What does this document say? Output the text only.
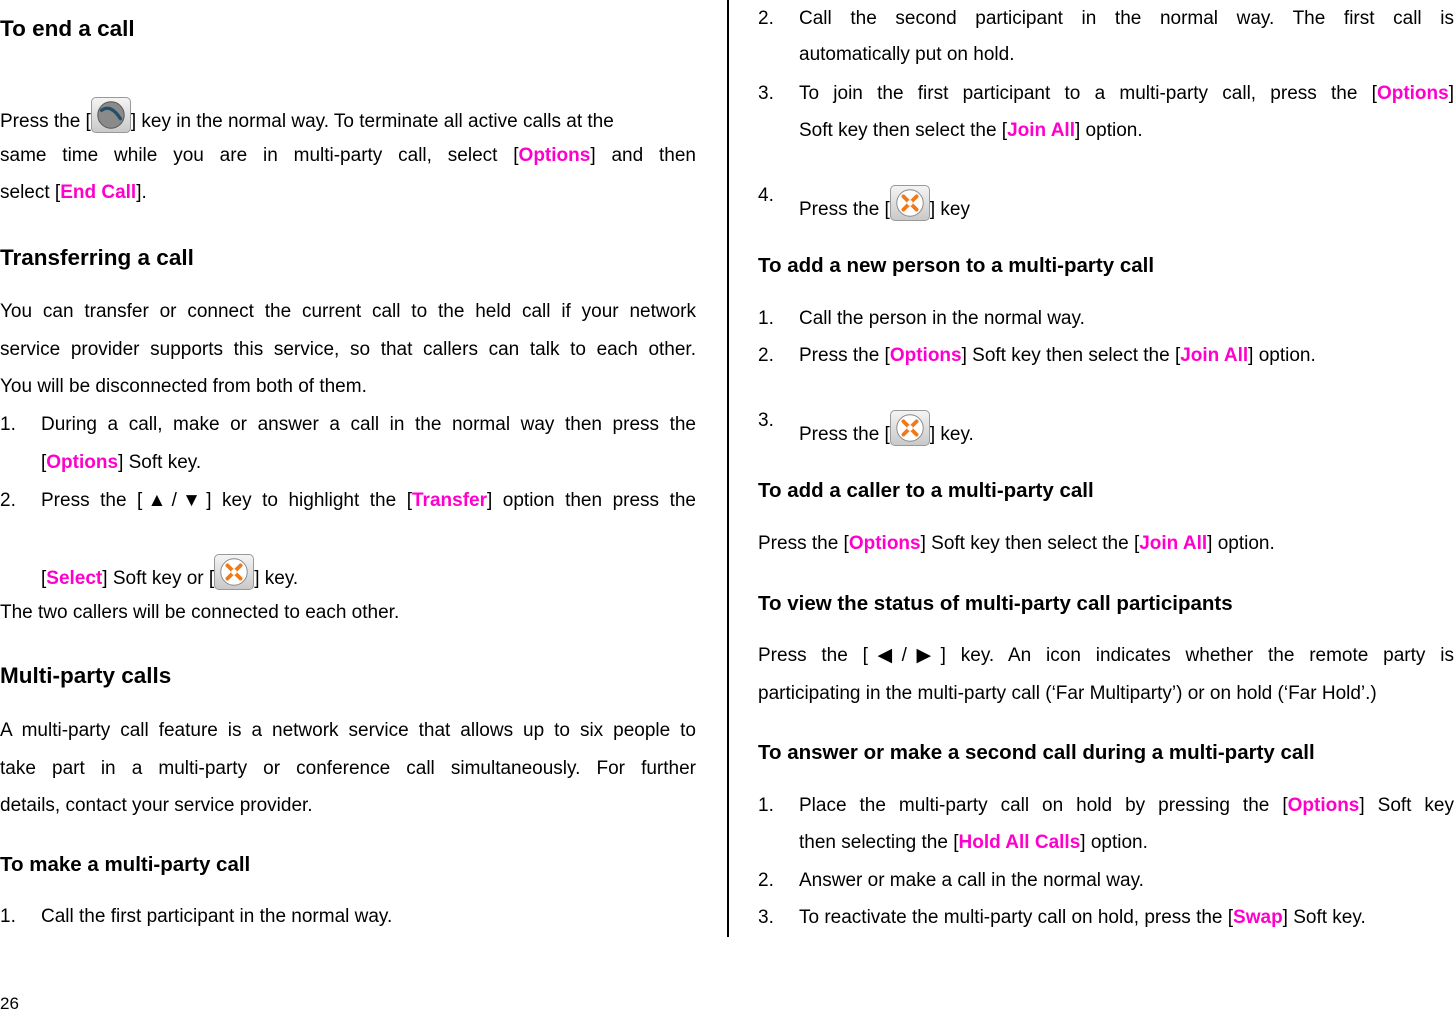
To end a call
Press the [ ] key in the normal way. To terminate all active calls at the
same time while you are in multi-party call, select [Options] and then
select [End Call].
Transferring a call
You can transfer or connect the current call to the held call if your network
service provider supports this service, so that callers can talk to each other.
You will be disconnected from both of them.
1. During a call, make or answer a call in the normal way then press the
[Options] Soft key.
2. Press the [▲/▼] key to highlight the [Transfer] option then press the
[Select] Soft key or [ ] key.
The two callers will be connected to each other.
Multi-party calls
A multi-party call feature is a network service that allows up to six people to
take part in a multi-party or conference call simultaneously. For further
details, contact your service provider.
To make a multi-party call
1. Call the first participant in the normal way.
26
2. Call the second participant in the normal way. The first call is
automatically put on hold.
3. To join the first participant to a multi-party call, press the [Options]
Soft key then select the [Join All] option.
4.
Press the [ ] key
To add a new person to a multi-party call
1. Call the person in the normal way.
2. Press the [Options] Soft key then select the [Join All] option.
3.
Press the [ ] key.
To add a caller to a multi-party call
Press the [Options] Soft key then select the [Join All] option.
To view the status of multi-party call participants
Press the [◀/▶] key. An icon indicates whether the remote party is
participating in the multi-party call (‘Far Multiparty’) or on hold (‘Far Hold’.)
To answer or make a second call during a multi-party call
1. Place the multi-party call on hold by pressing the [Options] Soft key
then selecting the [Hold All Calls] option.
2. Answer or make a call in the normal way.
3. To reactivate the multi-party call on hold, press the [Swap] Soft key.
